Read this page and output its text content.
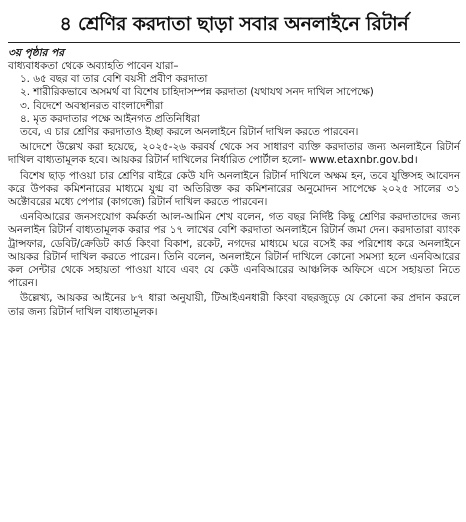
৪ শ্রেণির করদাতা ছাড়া সবার অনলাইনে রিটার্ন
৩য় পৃষ্ঠার পর

বাধ্যবাধকতা থেকে অব্যাহতি পাবেন যারা–

১. ৬৫ বছর বা তার বেশি বয়সী প্রবীণ করদাতা

২. শারীরিকভাবে অসমর্থ বা বিশেষ চাহিদাসম্পন্ন করদাতা (যথাযথ সনদ দাখিল সাপেক্ষে)

৩. বিদেশে অবস্থানরত বাংলাদেশীরা

৪. মৃত করদাতার পক্ষে আইনগত প্রতিনিধিরা

তবে, এ চার শ্রেণির করদাতাও ইচ্ছা করলে অনলাইনে রিটার্ন দাখিল করতে পারবেন।

আদেশে উল্লেখ করা হয়েছে, ২০২৫-২৬ করবর্ষ থেকে সব সাধারণ ব্যক্তি করদাতার জন্য অনলাইনে রিটার্ন দাখিল বাধ্যতামূলক হবে। আয়কর রিটার্ন দাখিলের নির্ধারিত পোর্টাল হলো- www.etaxnbr.gov.bd।

বিশেষ ছাড় পাওয়া চার শ্রেণির বাইরে কেউ যদি অনলাইনে রিটার্ন দাখিলে অক্ষম হন, তবে যুক্তিসহ আবেদন করে উপকর কমিশনারের মাধ্যমে যুগ্ম বা অতিরিক্ত কর কমিশনারের অনুমোদন সাপেক্ষে ২০২৫ সালের ৩১ অক্টোবরের মধ্যে পেপার (কাগজে) রিটার্ন দাখিল করতে পারবেন।

এনবিআরের জনসংযোগ কর্মকর্তা আল-আমিন শেখ বলেন, গত বছর নির্দিষ্ট কিছু শ্রেণির করদাতাদের জন্য অনলাইন রিটার্ন বাধ্যতামূলক করার পর ১৭ লাখের বেশি করদাতা অনলাইনে রিটার্ন জমা দেন। করদাতারা ব্যাংক ট্রান্সফার, ডেবিট/ক্রেডিট কার্ড কিংবা বিকাশ, রকেট, নগদের মাধ্যমে ঘরে বসেই কর পরিশোধ করে অনলাইনে আয়কর রিটার্ন দাখিল করতে পারেন। তিনি বলেন, অনলাইনে রিটার্ন দাখিলে কোনো সমস্যা হলে এনবিআরের কল সেন্টার থেকে সহায়তা পাওয়া যাবে এবং যে কেউ এনবিআরের আঞ্চলিক অফিসে এসে সহায়তা নিতে পারেন।

উল্লেখ্য, আয়কর আইনের ৮৭ ধারা অনুযায়ী, টিআইএনধারী কিংবা বছরজুড়ে যে কোনো কর প্রদান করলে তার জন্য রিটার্ন দাখিল বাধ্যতামূলক।
